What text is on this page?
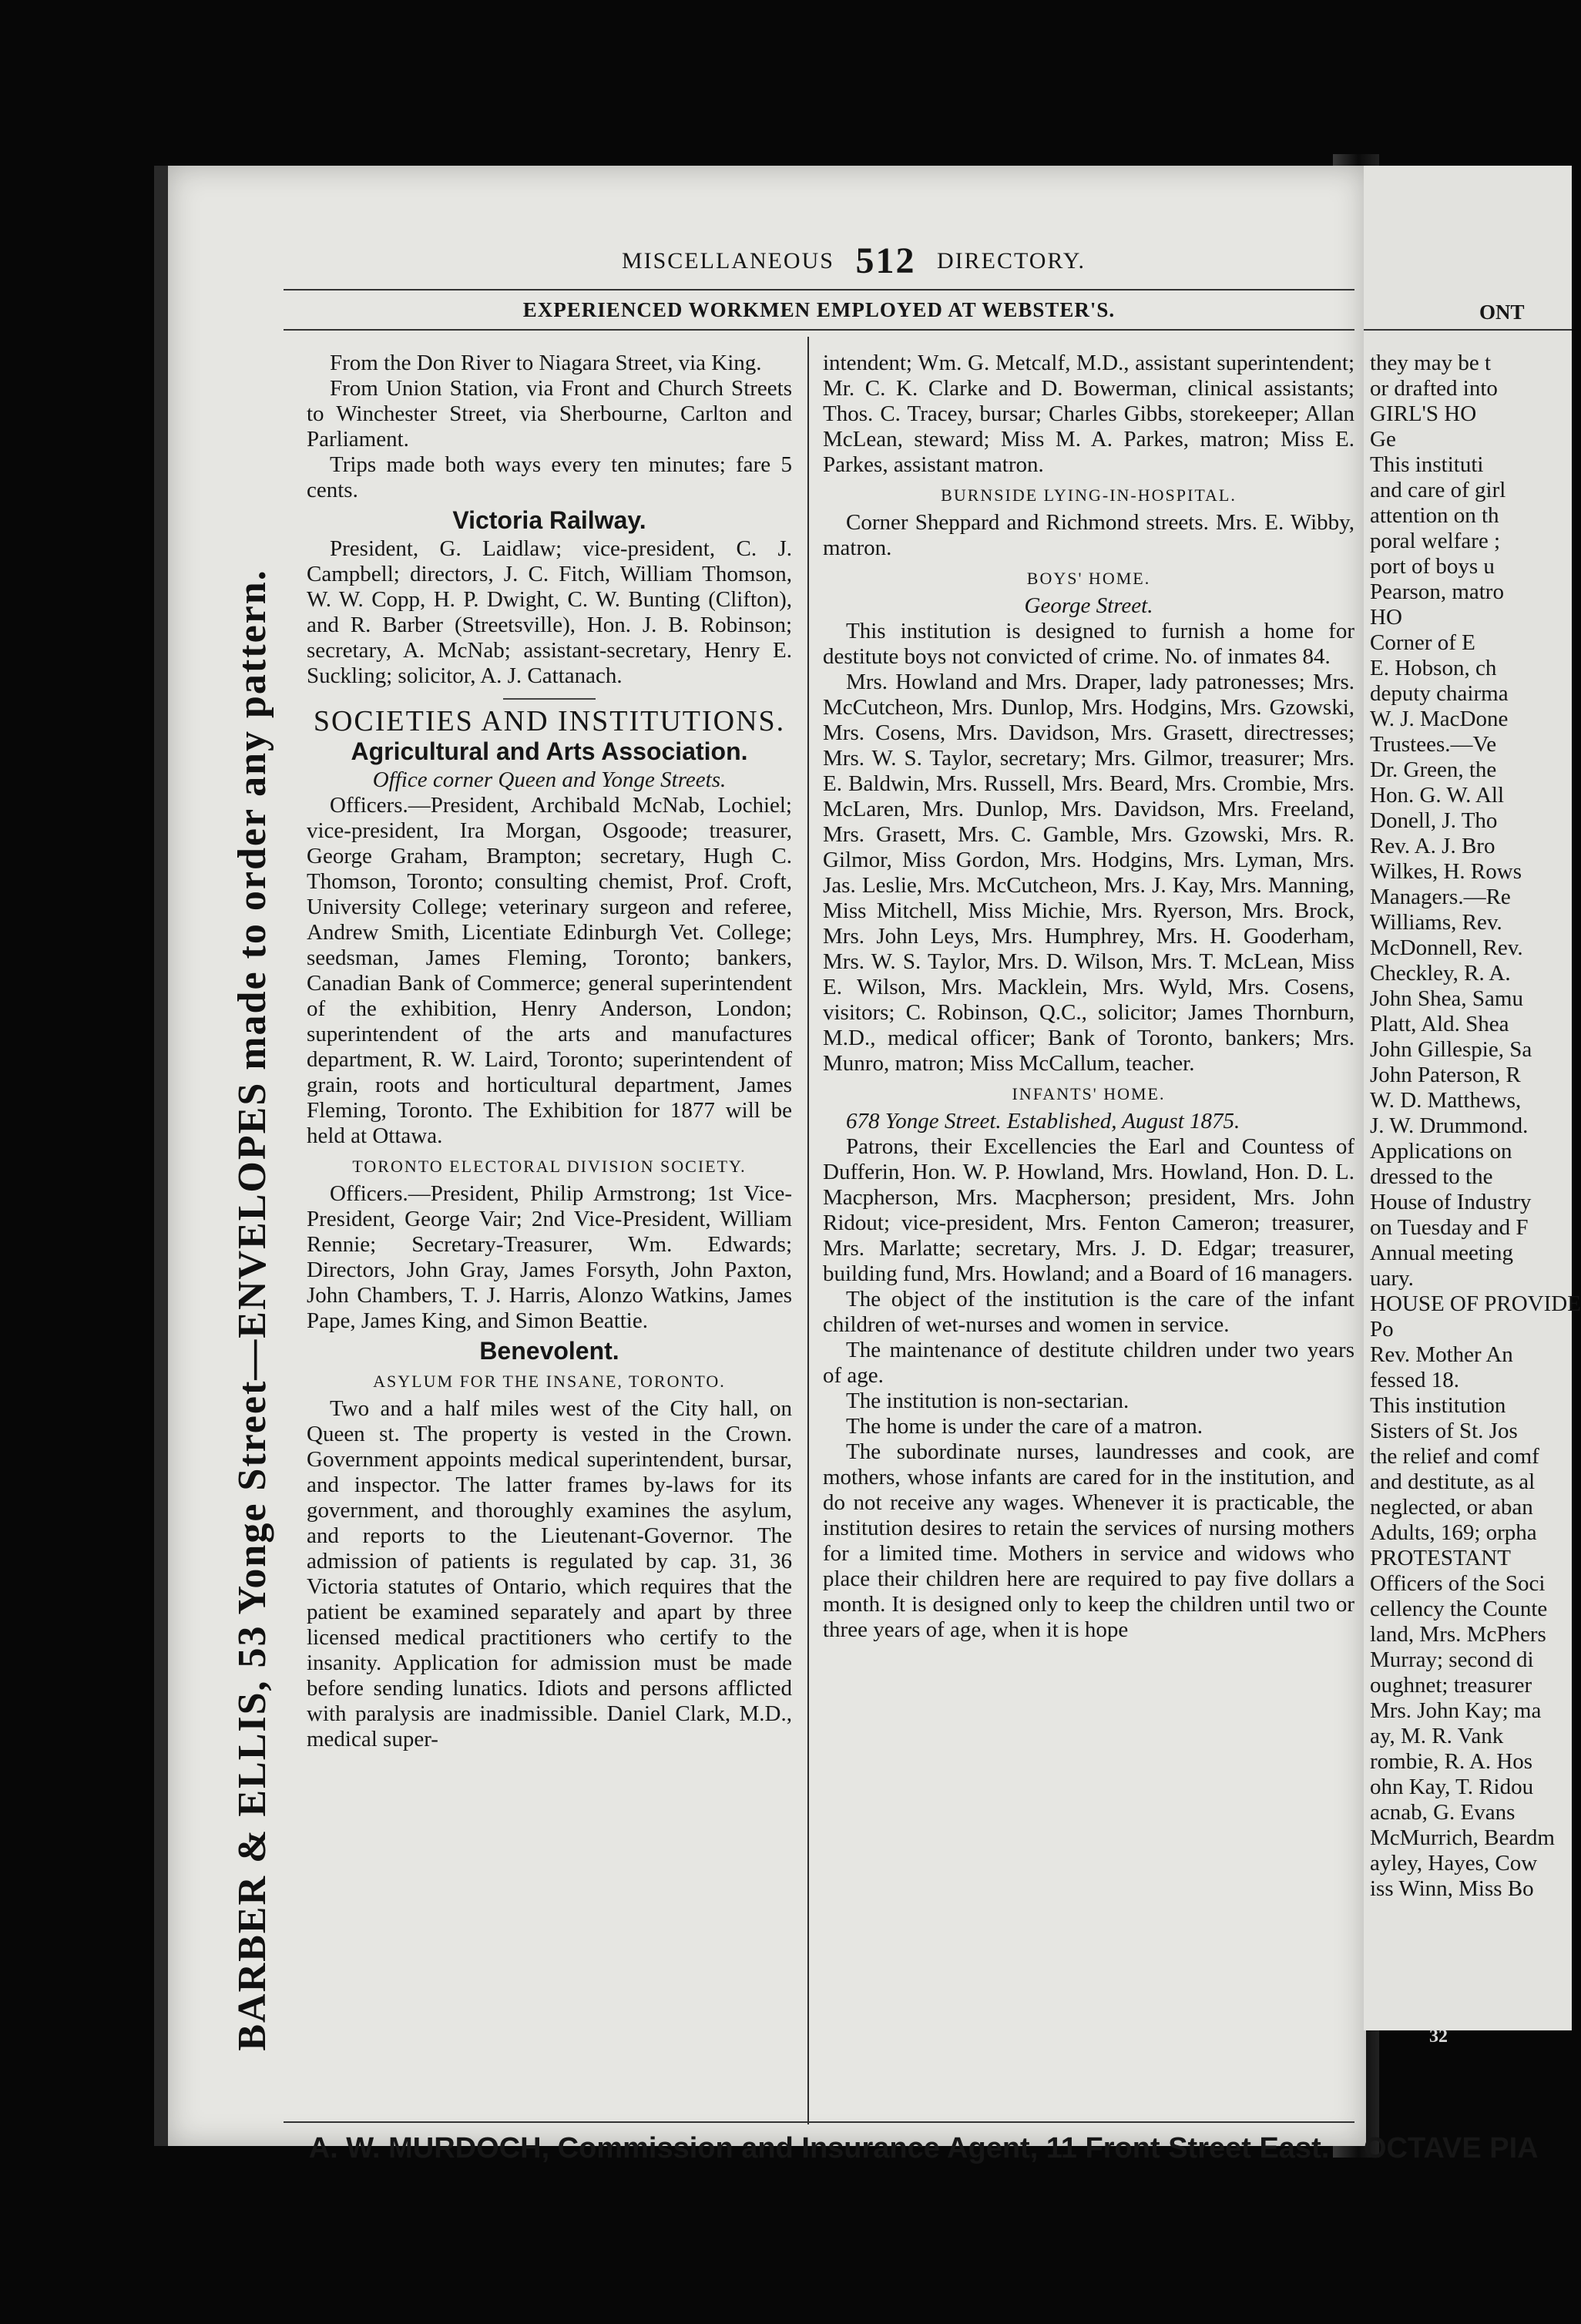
MISCELLANEOUS 512 DIRECTORY.
EXPERIENCED WORKMEN EMPLOYED AT WEBSTER'S.
BARBER & ELLIS, 53 Yonge Street—ENVELOPES made to order any pattern.

From the Don River to Niagara Street, via King.

From Union Station, via Front and Church Streets to Winchester Street, via Sherbourne, Carlton and Parliament.

Trips made both ways every ten minutes; fare 5 cents.

Victoria Railway.

President, G. Laidlaw; vice-president, C. J. Campbell; directors, J. C. Fitch, William Thomson, W. W. Copp, H. P. Dwight, C. W. Bunting (Clifton), and R. Barber (Streetsville), Hon. J. B. Robinson; secretary, A. McNab; assistant-secretary, Henry E. Suckling; solicitor, A. J. Cattanach.

SOCIETIES AND INSTITUTIONS.
Agricultural and Arts Association.
Office corner Queen and Yonge Streets.

Officers.—President, Archibald McNab, Lochiel; vice-president, Ira Morgan, Osgoode; treasurer, George Graham, Brampton; secretary, Hugh C. Thomson, Toronto; consulting chemist, Prof. Croft, University College; veterinary surgeon and referee, Andrew Smith, Licentiate Edinburgh Vet. College; seedsman, James Fleming, Toronto; bankers, Canadian Bank of Commerce; general superintendent of the exhibition, Henry Anderson, London; superintendent of the arts and manufactures department, R. W. Laird, Toronto; superintendent of grain, roots and horticultural department, James Fleming, Toronto. The Exhibition for 1877 will be held at Ottawa.

TORONTO ELECTORAL DIVISION SOCIETY.

Officers.—President, Philip Armstrong; 1st Vice-President, George Vair; 2nd Vice-President, William Rennie; Secretary-Treasurer, Wm. Edwards; Directors, John Gray, James Forsyth, John Paxton, John Chambers, T. J. Harris, Alonzo Watkins, James Pape, James King, and Simon Beattie.

Benevolent.
ASYLUM FOR THE INSANE, TORONTO.

Two and a half miles west of the City hall, on Queen st. The property is vested in the Crown. Government appoints medical superintendent, bursar, and inspector. The latter frames by-laws for its government, and thoroughly examines the asylum, and reports to the Lieutenant-Governor. The admission of patients is regulated by cap. 31, 36 Victoria statutes of Ontario, which requires that the patient be examined separately and apart by three licensed medical practitioners who certify to the insanity. Application for admission must be made before sending lunatics. Idiots and persons afflicted with paralysis are inadmissible. Daniel Clark, M.D., medical super-

intendent; Wm. G. Metcalf, M.D., assistant superintendent; Mr. C. K. Clarke and D. Bowerman, clinical assistants; Thos. C. Tracey, bursar; Charles Gibbs, storekeeper; Allan McLean, steward; Miss M. A. Parkes, matron; Miss E. Parkes, assistant matron.

BURNSIDE LYING-IN-HOSPITAL.

Corner Sheppard and Richmond streets. Mrs. E. Wibby, matron.

BOYS' HOME.
George Street.

This institution is designed to furnish a home for destitute boys not convicted of crime. No. of inmates 84.

Mrs. Howland and Mrs. Draper, lady patronesses; Mrs. McCutcheon, Mrs. Dunlop, Mrs. Hodgins, Mrs. Gzowski, Mrs. Cosens, Mrs. Davidson, Mrs. Grasett, directresses; Mrs. W. S. Taylor, secretary; Mrs. Gilmor, treasurer; Mrs. E. Baldwin, Mrs. Russell, Mrs. Beard, Mrs. Crombie, Mrs. McLaren, Mrs. Dunlop, Mrs. Davidson, Mrs. Freeland, Mrs. Grasett, Mrs. C. Gamble, Mrs. Gzowski, Mrs. R. Gilmor, Miss Gordon, Mrs. Hodgins, Mrs. Lyman, Mrs. Jas. Leslie, Mrs. McCutcheon, Mrs. J. Kay, Mrs. Manning, Miss Mitchell, Miss Michie, Mrs. Ryerson, Mrs. Brock, Mrs. John Leys, Mrs. Humphrey, Mrs. H. Gooderham, Mrs. W. S. Taylor, Mrs. D. Wilson, Mrs. T. McLean, Miss E. Wilson, Mrs. Macklein, Mrs. Wyld, Mrs. Cosens, visitors; C. Robinson, Q.C., solicitor; James Thornburn, M.D., medical officer; Bank of Toronto, bankers; Mrs. Munro, matron; Miss McCallum, teacher.

INFANTS' HOME.

678 Yonge Street. Established, August 1875.

Patrons, their Excellencies the Earl and Countess of Dufferin, Hon. W. P. Howland, Mrs. Howland, Hon. D. L. Macpherson, Mrs. Macpherson; president, Mrs. John Ridout; vice-president, Mrs. Fenton Cameron; treasurer, Mrs. Marlatte; secretary, Mrs. J. D. Edgar; treasurer, building fund, Mrs. Howland; and a Board of 16 managers.

The object of the institution is the care of the infant children of wet-nurses and women in service.

The maintenance of destitute children under two years of age.

The institution is non-sectarian.

The home is under the care of a matron.

The subordinate nurses, laundresses and cook, are mothers, whose infants are cared for in the institution, and do not receive any wages. Whenever it is practicable, the institution desires to retain the services of nursing mothers for a limited time. Mothers in service and widows who place their children here are required to pay five dollars a month. It is designed only to keep the children until two or three years of age, when it is hope

A. W. MURDOCH, Commission and Insurance Agent, 11 Front Street East.
ONT
they may be t
or drafted into
GIRL'S HO
Ge
This instituti
and care of girl
attention on th
poral welfare ;
port of boys u
Pearson, matro
HO
Corner of E
E. Hobson, ch
deputy chairma
W. J. MacDone
Trustees.—Ve
Dr. Green, the
Hon. G. W. All
Donell, J. Tho
Rev. A. J. Bro
Wilkes, H. Rows
Managers.—Re
Williams, Rev.
McDonnell, Rev.
Checkley, R. A.
John Shea, Samu
Platt, Ald. Shea
John Gillespie, Sa
John Paterson, R
W. D. Matthews,
J. W. Drummond.
Applications on
dressed to the
House of Industry
on Tuesday and F
Annual meeting
uary.
HOUSE OF PROVIDE
Po
Rev. Mother An
fessed 18.
This institution
Sisters of St. Jos
the relief and comf
and destitute, as al
neglected, or aban
Adults, 169; orpha
PROTESTANT
Officers of the Soci
cellency the Counte
land, Mrs. McPhers
Murray; second di
oughnet; treasurer
Mrs. John Kay; ma
ay, M. R. Vank
rombie, R. A. Hos
ohn Kay, T. Ridou
acnab, G. Evans
McMurrich, Beardm
ayley, Hayes, Cow
iss Winn, Miss Bo
OCTAVE PIA
32
